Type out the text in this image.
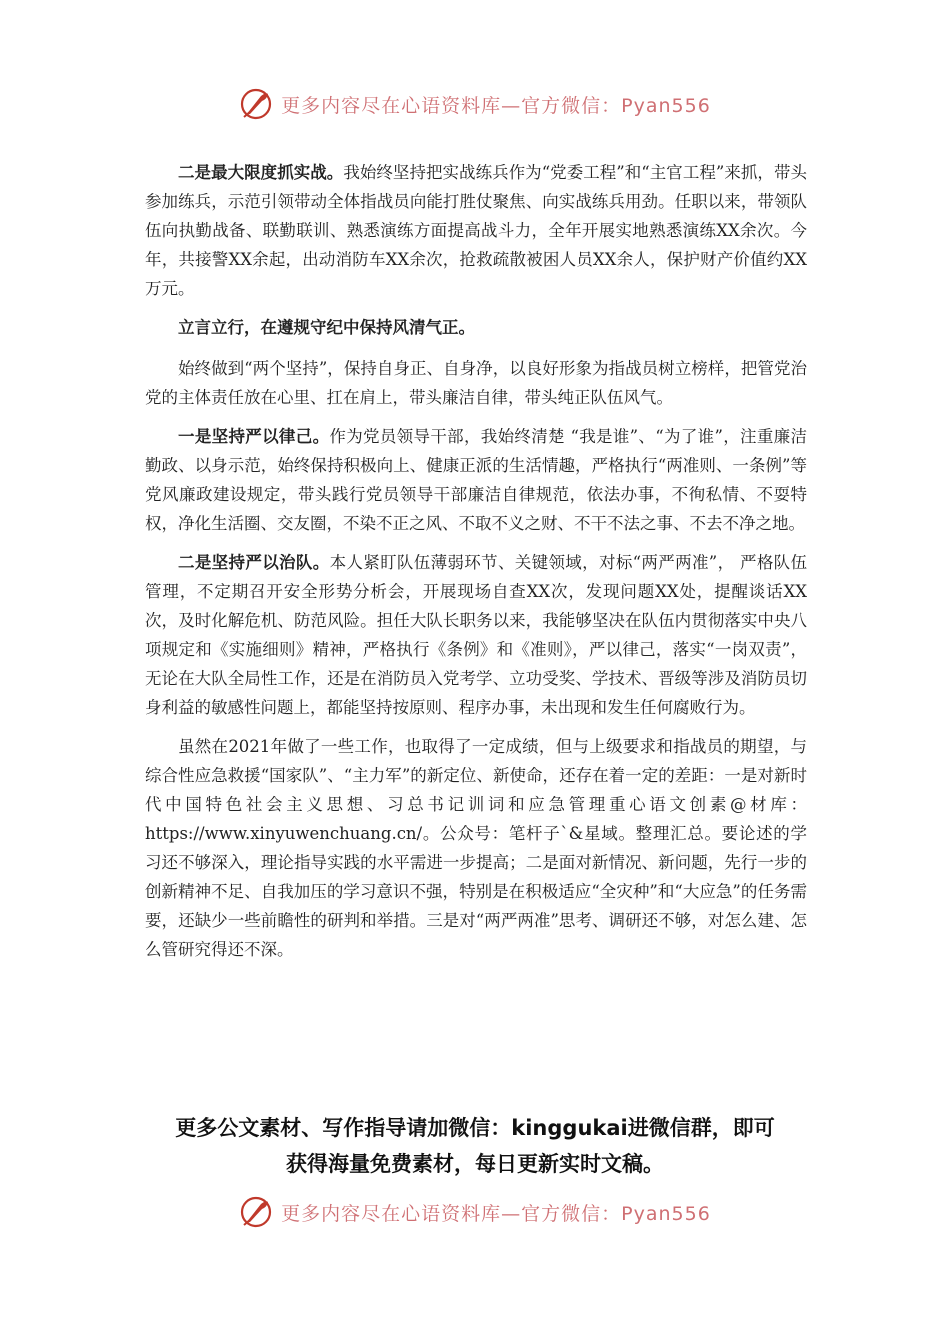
更多内容尽在心语资料库—官方微信：Pyan556

二是最大限度抓实战。我始终坚持把实战练兵作为“党委工程”和“主官工程”来抓，带头参加练兵，示范引领带动全体指战员向能打胜仗聚焦、向实战练兵用劲。任职以来，带领队伍向执勤战备、联勤联训、熟悉演练方面提高战斗力，全年开展实地熟悉演练XX余次。今年，共接警XX余起，出动消防车XX余次，抢救疏散被困人员XX余人，保护财产价值约XX万元。

立言立行，在遵规守纪中保持风清气正。

始终做到“两个坚持”，保持自身正、自身净，以良好形象为指战员树立榜样，把管党治党的主体责任放在心里、扛在肩上，带头廉洁自律，带头纯正队伍风气。

一是坚持严以律己。作为党员领导干部，我始终清楚 “我是谁”、“为了谁”，注重廉洁勤政、以身示范，始终保持积极向上、健康正派的生活情趣，严格执行“两准则、一条例”等党风廉政建设规定，带头践行党员领导干部廉洁自律规范，依法办事，不徇私情、不耍特权，净化生活圈、交友圈，不染不正之风、不取不义之财、不干不法之事、不去不净之地。

二是坚持严以治队。本人紧盯队伍薄弱环节、关键领域，对标“两严两准”， 严格队伍管理，不定期召开安全形势分析会，开展现场自查XX次，发现问题XX处，提醒谈话XX次，及时化解危机、防范风险。担任大队长职务以来，我能够坚决在队伍内贯彻落实中央八项规定和《实施细则》精神，严格执行《条例》和《准则》，严以律己，落实“一岗双责”，无论在大队全局性工作，还是在消防员入党考学、立功受奖、学技术、晋级等涉及消防员切身利益的敏感性问题上，都能坚持按原则、程序办事，未出现和发生任何腐败行为。

虽然在2021年做了一些工作，也取得了一定成绩，但与上级要求和指战员的期望，与综合性应急救援“国家队”、“主力军”的新定位、新使命，还存在着一定的差距：一是对新时代中国特色社会主义思想、习总书记训词和应急管理重心语文创素@材库：https://www.xinyuwenchuang.cn/。公众号：笔杆子`&星域。整理汇总。要论述的学习还不够深入，理论指导实践的水平需进一步提高；二是面对新情况、新问题，先行一步的创新精神不足、自我加压的学习意识不强，特别是在积极适应“全灾种”和“大应急”的任务需要，还缺少一些前瞻性的研判和举措。三是对“两严两准”思考、调研还不够，对怎么建、怎么管研究得还不深。

更多公文素材、写作指导请加微信：kinggukai进微信群，即可
获得海量免费素材，每日更新实时文稿。
更多内容尽在心语资料库—官方微信：Pyan556
